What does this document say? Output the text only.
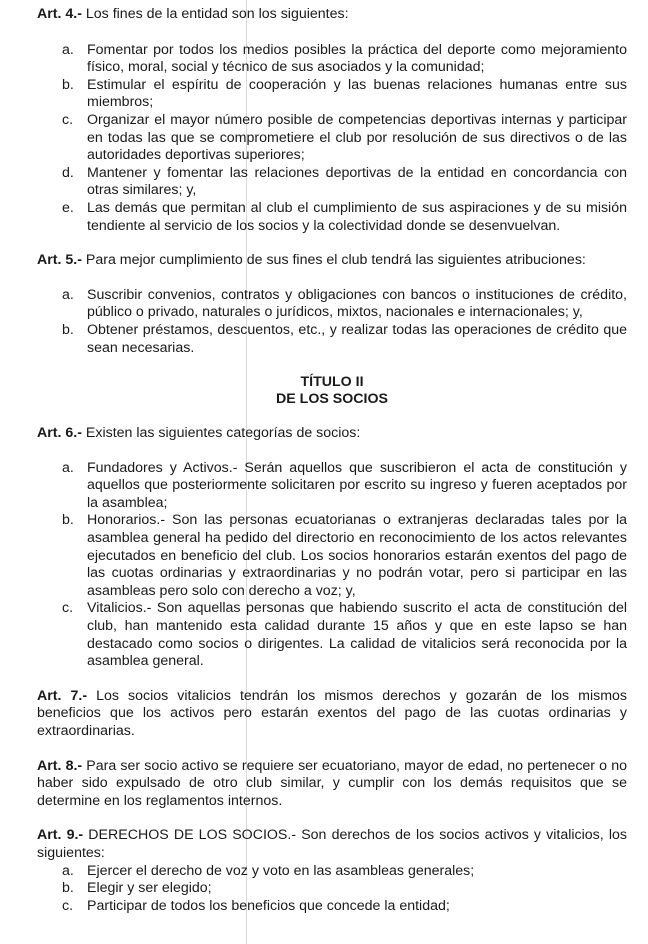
Art. 4.- Los fines de la entidad son los siguientes:

a. Fomentar por todos los medios posibles la práctica del deporte como mejoramiento físico, moral, social y técnico de sus asociados y la comunidad;
b. Estimular el espíritu de cooperación y las buenas relaciones humanas entre sus miembros;
c. Organizar el mayor número posible de competencias deportivas internas y participar en todas las que se comprometiere el club por resolución de sus directivos o de las autoridades deportivas superiores;
d. Mantener y fomentar las relaciones deportivas de la entidad en concordancia con otras similares; y,
e. Las demás que permitan al club el cumplimiento de sus aspiraciones y de su misión tendiente al servicio de los socios y la colectividad donde se desenvuelvan.

Art. 5.- Para mejor cumplimiento de sus fines el club tendrá las siguientes atribuciones:

a. Suscribir convenios, contratos y obligaciones con bancos o instituciones de crédito, público o privado, naturales o jurídicos, mixtos, nacionales e internacionales; y,
b. Obtener préstamos, descuentos, etc., y realizar todas las operaciones de crédito que sean necesarias.

TÍTULO II

DE LOS SOCIOS

Art. 6.- Existen las siguientes categorías de socios:

a. Fundadores y Activos.- Serán aquellos que suscribieron el acta de constitución y aquellos que posteriormente solicitaren por escrito su ingreso y fueren aceptados por la asamblea;
b. Honorarios.- Son las personas ecuatorianas o extranjeras declaradas tales por la asamblea general ha pedido del directorio en reconocimiento de los actos relevantes ejecutados en beneficio del club. Los socios honorarios estarán exentos del pago de las cuotas ordinarias y extraordinarias y no podrán votar, pero si participar en las asambleas pero solo con derecho a voz; y,
c. Vitalicios.- Son aquellas personas que habiendo suscrito el acta de constitución del club, han mantenido esta calidad durante 15 años y que en este lapso se han destacado como socios o dirigentes. La calidad de vitalicios será reconocida por la asamblea general.

Art. 7.- Los socios vitalicios tendrán los mismos derechos y gozarán de los mismos beneficios que los activos pero estarán exentos del pago de las cuotas ordinarias y extraordinarias.

Art. 8.- Para ser socio activo se requiere ser ecuatoriano, mayor de edad, no pertenecer o no haber sido expulsado de otro club similar, y cumplir con los demás requisitos que se determine en los reglamentos internos.

Art. 9.- DERECHOS DE LOS SOCIOS.- Son derechos de los socios activos y vitalicios, los siguientes:

a. Ejercer el derecho de voz y voto en las asambleas generales;
b. Elegir y ser elegido;
c. Participar de todos los beneficios que concede la entidad;
